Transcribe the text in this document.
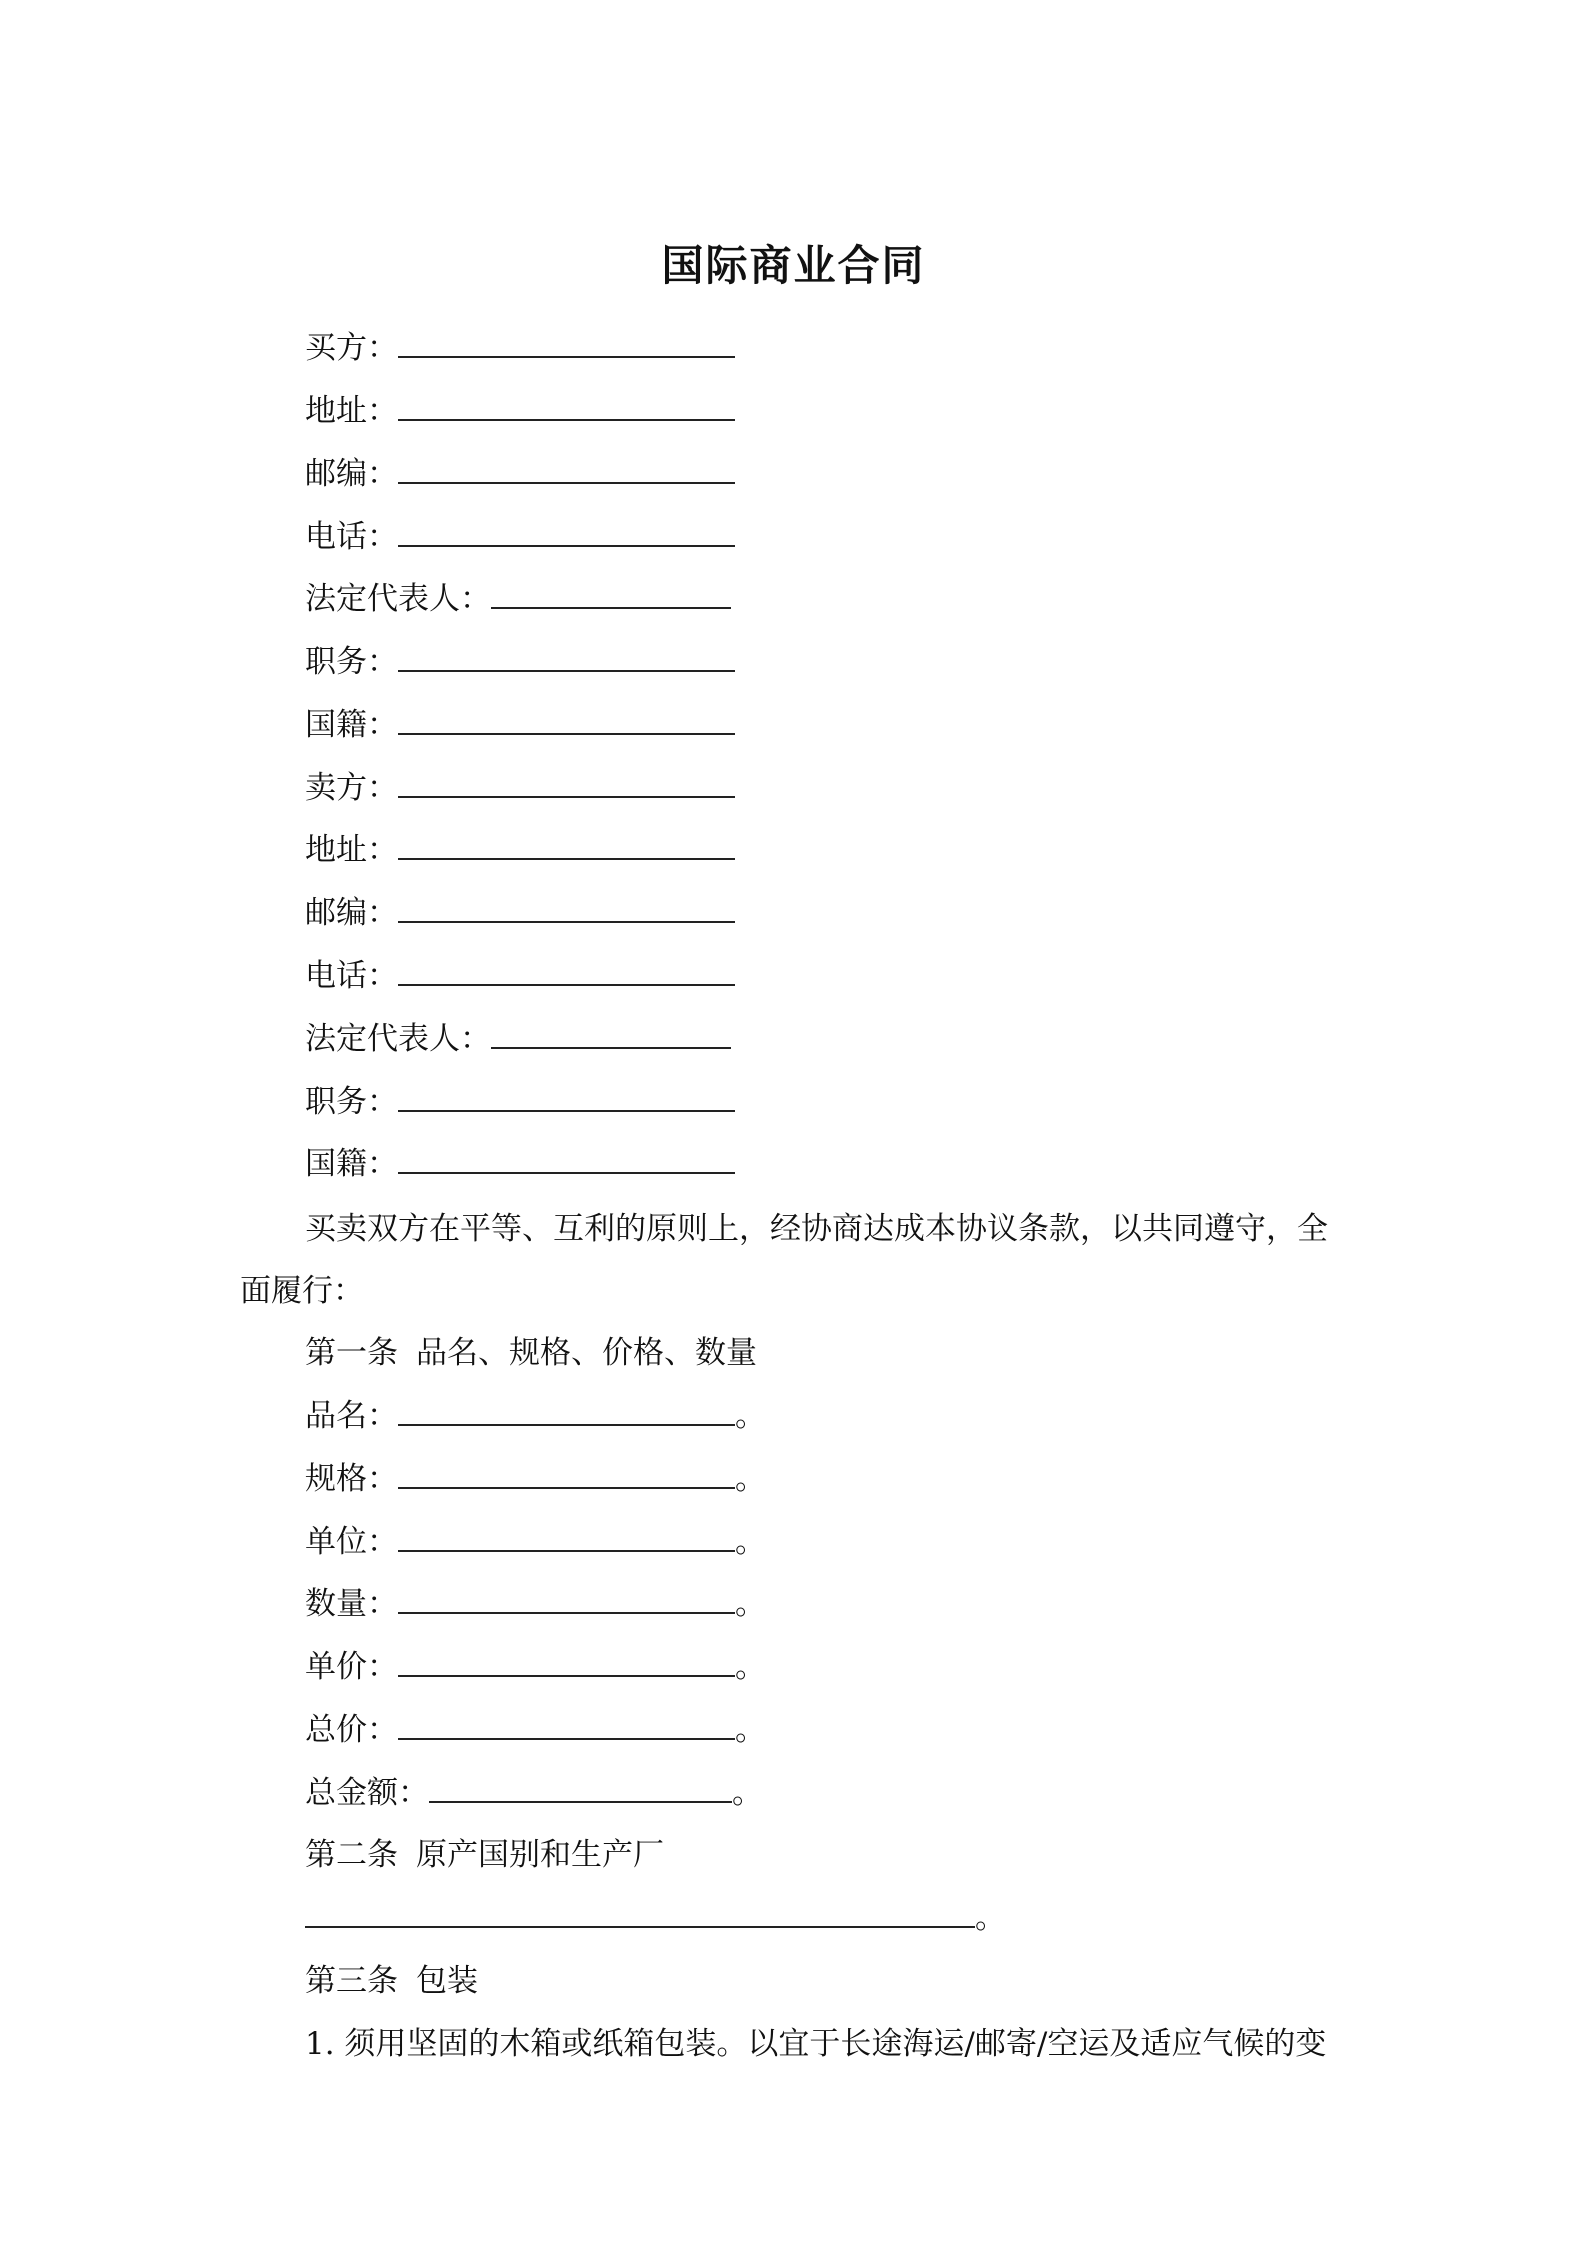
国际商业合同
买方：
地址：
邮编：
电话：
法定代表人：
职务：
国籍：
卖方：
地址：
邮编：
电话：
法定代表人：
职务：
国籍：
买卖双方在平等、互利的原则上，经协商达成本协议条款，以共同遵守，全面履行：
第一条 品名、规格、价格、数量
品名：	。
规格：	。
单位：	。
数量：	。
单价：	。
总价：	。
总金额：	。
第二条 原产国别和生产厂
。
第三条 包装
1. 须用坚固的木箱或纸箱包装。以宜于长途海运/邮寄/空运及适应气候的变
